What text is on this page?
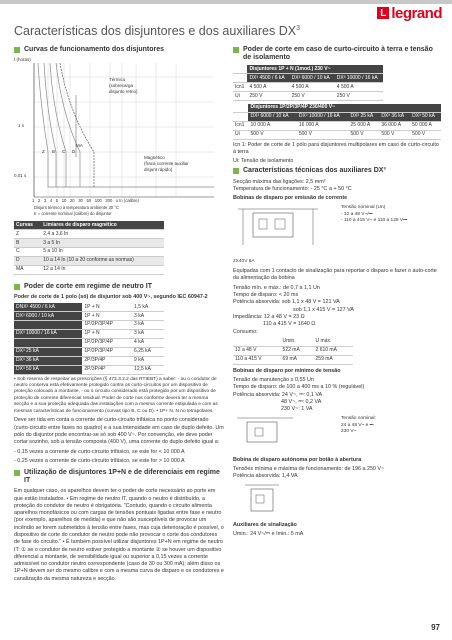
L legrand
Características dos disjuntores e dos auxiliares $DX^3$
Curvas de funcionamento dos disjuntores
t (horas)
Térmico
(sobrecarga
disjunto retrio)
MA
Magnético
(fraca corrente auxiliar
disjunt rápido)
1 s
0,01 s
Z B C D
1 2 3 4 5 10 20 30 50 100 200 x In (calibre)
Disjunt térmico à temperatura ambiente 30 °C
Ir = corrente nominal (calibre) do disjuntor
Curvas	Limiares de disparo magnético
Z	2,4 a 3,6 In
B	3 a 5 In
C	5 a 10 In
D	10 a 14 In (10 a 20 conforme as normas)
MA	12 a 14 In
Poder de corte em regime de neutro IT

Poder de corte de 1 polo (só) de disjuntor sob 400 V~, segundo IEC 60947-2

DNX³ 4500 / 6 kA	1P + N	1,5 kA
DX³ 6000 / 10 kA	1P + N	3 kA
	1P/2P/3P/4P	3 kA
DX³ 10000 / 16 kA	1P + N	3 kA
	1P/2P/3P/4P	4 kA
DX³ 25 kA	1P/2P/3P/4P	6,25 kA
DX³ 36 kA	2P/3P/4P	9 kA
DX³ 50 kA	2P/3P/4P	12,5 kA

• Sob reserva de respeitar as prescrições (§ 473.3.2.2 das RTIEBT) a saber: - ou o condutor de neutro conserva está efetivamente protegido contra os curto-circuitos por um dispositivo de proteção colocado a montante, - ou o circuito considerado está protegido por um dispositivo de proteção de corrente diferencial residual. Poder de corte nos conforme deverá ter a mesma secção e a sua proteção adequada das instalações com a mesma corrente estipulada e com as mesmas características de funcionamento (curvas tipo B, C ou D). • 1P+ N, N no tetrapolares.

Deve ser tida em conta a corrente de curto-circuito trifásica no ponto considerado (curto-circuito entre fases no quadro) e a sua intensidade em caso de duplo defeito. Um pólo do disjuntor pode encontrar-se só sob 400 V~. Por convenção, ele deve poder cortar sozinho, sob a tensão composta (400 V), uma corrente do duplo defeito igual a:

- 0,15 vezes a corrente de curto-circuito trifásico, se este for < 10 000 A

- 0,25 vezes a corrente de curto-circuito trifásico, se este for > 10 000 A

Utilização de disjuntores 1P+N e de diferenciais em regime IT

Em qualquer caso, os aparelhos devem ter o poder de corte necessário ao porte em que estão instalados. • Em regime de neutro IT, quando o neutro é distribuído, a proteção do condutor de neutro é obrigatória. "Contudo, quando o circuito alimenta aparelhos monofásicos ou com cargas de tensões pontuais ligadas entre fase e neutro (por exemplo, aparelhos de medida) e que não são susceptíveis de provocar um incêndio se forem submetidos à tensão entre fases, mas cuja deterioração é possível, o dispositivo de corte do condutor de neutro pode não provocar o corte dos condutores de fase do circuito." • É também possível utilizar disjuntores 1P+N em regime de neutro IT: ① se o condutor de neutro estiver protegido a montante ② se houver um dispositivo diferencial a montante, de sensibilidade igual ou superior a 0,15 vezes a corrente admissível no condutor neutro correspondente (caso de 30 ou 300 mA); além disso os 1P+N devem ser do mesmo calibre e com a mesma curva de disparo e os condutores e canalização da mesma natureza e secção.

Poder de corte em caso de curto-circuito à terra e tensão de isolamento
	Disjuntores 1P + N (1mod.) 230 V~		
	DX³ 4500 / 6 kA	DX³ 6000 / 10 kA	DX³ 10000 / 16 kA
Icn1	4 500 A	4 500 A	4 500 A
Ui	250 V	250 V	250 V
	Disjuntores 1P/2P/3P/4P 230/400 V~				
	DX³ 6000 / 10 kA	DX³ 10000 / 16 kA	DX³ 25 kA	DX³ 36 kA	DX³ 50 kA
Icn1	10 000 A	16 000 A	25 000 A	36 000 A	50 000 A
Ui	500 V	500 V	500 V	500 V	500 V

Icn 1: Poder de corte de 1 pólo para disjuntores multipolares em caso de curto-circuito à terra

Ui: Tensão de isolamento

Características técnicas dos auxiliares DX³

Secção máxima das ligações: 2,5 mm²

Temperatura de funcionamento: - 25 °C a + 50 °C

Bobinas de disparo por emissão de corrente

2X40V 6A
Tensão nominal (Un)
- 12 a 48 V~/⎓
- 110 a 415 V~ e 110 a 125 V⎓

Equipadas com 1 contacto de sinalização para reportar o disparo e fazer o auto-corte da alimentação da bobina

Tensão mín. e máx.: de 0,7 a 1,1 Un

Tempo de disparo: < 20 ms

Potência absorvida: sob 1,1 x 48 V = 121 VA

sob 1,1 x 415 V = 127 VA

Impedância: 12 a 48 V = 23 Ω

110 a 415 V = 1640 Ω

Consumo:

	Umin.	U máx.
12 a 48 V	522 mA	2 610 mA
110 a 415 V	69 mA	259 mA

Bobinas de disparo por mínimo de tensão

Tensão de manutenção ≥ 0,55 Un

Tempo de disparo: de 100 a 400 ms a 10 % (regulável)

Potência absorvida: 24 V~, ⎓: 0,1 VA

48 V~, ⎓: 0,2 VA

230 V~: 1 VA

Tensão nominal:
24 a 48 V~ e ⎓
230 V~

Bobina de disparo autónoma por botão à abertura

Tensões mínima e máxima de funcionamento: de 196 a 250 V~

Potência absorvida: 1,4 VA

Auxiliares de sinalização

Umin.: 24 V~/⎓ e Imin.: 5 mA

97
